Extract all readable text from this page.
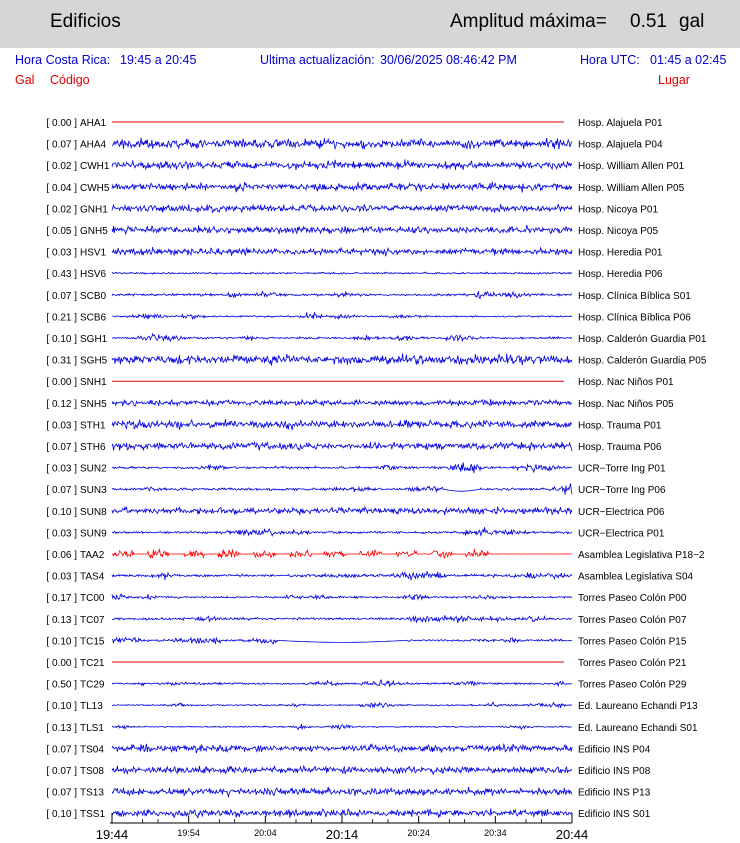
Edificios	Amplitud máxima= 0.51 gal
Hora Costa Rica: 19:45 a 20:45	Ultima actualización: 30/06/2025 08:46:42 PM	Hora UTC: 01:45 a 02:45
Gal Código	Lugar
[ 0.00 ] AHA1	Hosp. Alajuela P01
[ 0.07 ] AHA4	Hosp. Alajuela P04
[ 0.02 ] CWH1	Hosp. William Allen P01
[ 0.04 ] CWH5	Hosp. William Allen P05
[ 0.02 ] GNH1	Hosp. Nicoya P01
[ 0.05 ] GNH5	Hosp. Nicoya P05
[ 0.03 ] HSV1	Hosp. Heredia P01
[ 0.43 ] HSV6	Hosp. Heredia P06
[ 0.07 ] SCB0	Hosp. Clínica Bíblica S01
[ 0.21 ] SCB6	Hosp. Clínica Bíblica P06
[ 0.10 ] SGH1	Hosp. Calderón Guardia P01
[ 0.31 ] SGH5	Hosp. Calderón Guardia P05
[ 0.00 ] SNH1	Hosp. Nac Niños P01
[ 0.12 ] SNH5	Hosp. Nac Niños P05
[ 0.03 ] STH1	Hosp. Trauma P01
[ 0.07 ] STH6	Hosp. Trauma P06
[ 0.03 ] SUN2	UCR−Torre Ing P01
[ 0.07 ] SUN3	UCR−Torre Ing P06
[ 0.10 ] SUN8	UCR−Electrica P06
[ 0.03 ] SUN9	UCR−Electrica P01
[ 0.06 ] TAA2	Asamblea Legislativa P18−2
[ 0.03 ] TAS4	Asamblea Legislativa S04
[ 0.17 ] TC00	Torres Paseo Colón P00
[ 0.13 ] TC07	Torres Paseo Colón P07
[ 0.10 ] TC15	Torres Paseo Colón P15
[ 0.00 ] TC21	Torres Paseo Colón P21
[ 0.50 ] TC29	Torres Paseo Colón P29
[ 0.10 ] TL13	Ed. Laureano Echandi P13
[ 0.13 ] TLS1	Ed. Laureano Echandi S01
[ 0.07 ] TS04	Edificio INS P04
[ 0.07 ] TS08	Edificio INS P08
[ 0.07 ] TS13	Edificio INS P13
[ 0.10 ] TSS1	Edificio INS S01
19:44	19:54	20:04	20:14	20:24	20:34	20:44
